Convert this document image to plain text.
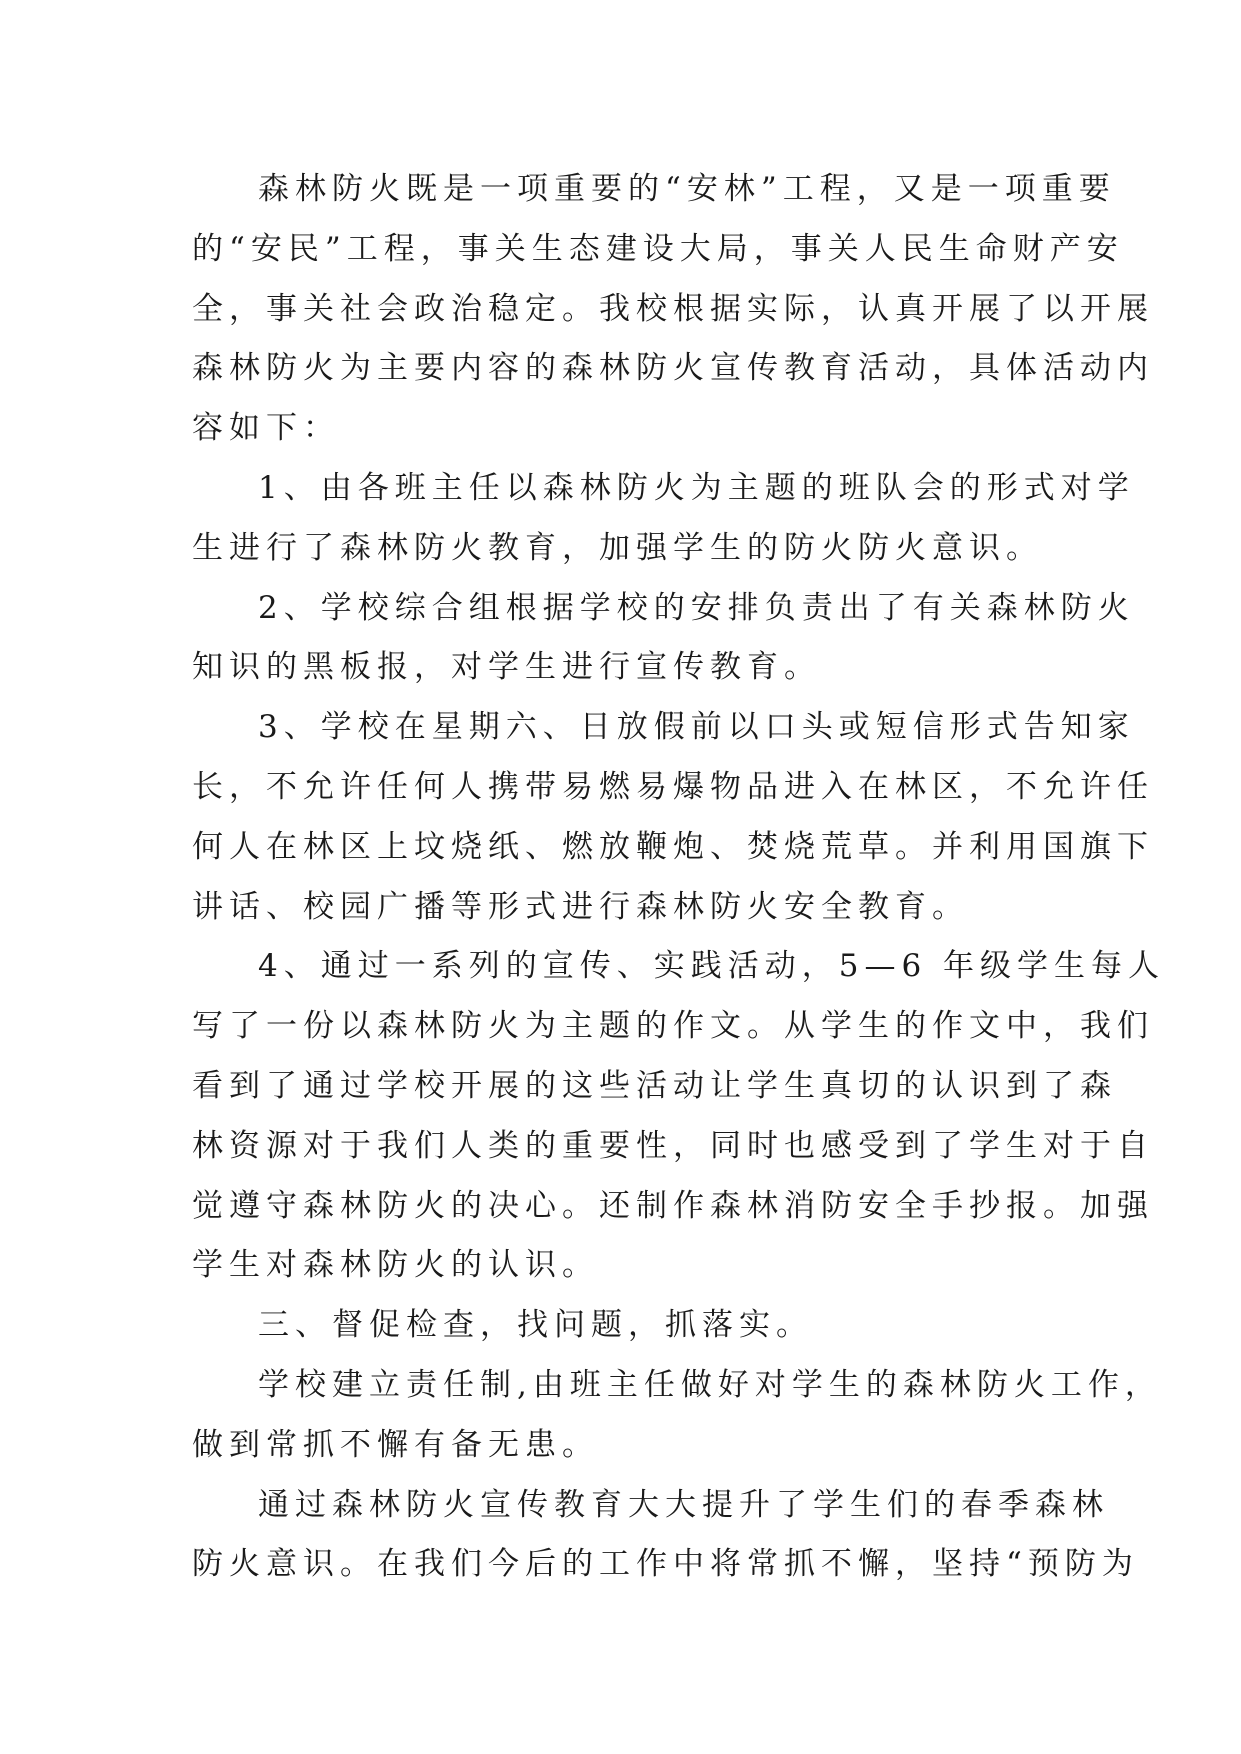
森林防火既是一项重要的“安林”工程，又是一项重要
的“安民”工程，事关生态建设大局，事关人民生命财产安
全，事关社会政治稳定。我校根据实际，认真开展了以开展
森林防火为主要内容的森林防火宣传教育活动，具体活动内
容如下：
1、由各班主任以森林防火为主题的班队会的形式对学
生进行了森林防火教育，加强学生的防火防火意识。
2、学校综合组根据学校的安排负责出了有关森林防火
知识的黑板报，对学生进行宣传教育。
3、学校在星期六、日放假前以口头或短信形式告知家
长，不允许任何人携带易燃易爆物品进入在林区，不允许任
何人在林区上坟烧纸、燃放鞭炮、焚烧荒草。并利用国旗下
讲话、校园广播等形式进行森林防火安全教育。
4、通过一系列的宣传、实践活动，5—6 年级学生每人
写了一份以森林防火为主题的作文。从学生的作文中，我们
看到了通过学校开展的这些活动让学生真切的认识到了森
林资源对于我们人类的重要性，同时也感受到了学生对于自
觉遵守森林防火的决心。还制作森林消防安全手抄报。加强
学生对森林防火的认识。
三、督促检查，找问题，抓落实。
学校建立责任制,由班主任做好对学生的森林防火工作，
做到常抓不懈有备无患。
通过森林防火宣传教育大大提升了学生们的春季森林
防火意识。在我们今后的工作中将常抓不懈，坚持“预防为
